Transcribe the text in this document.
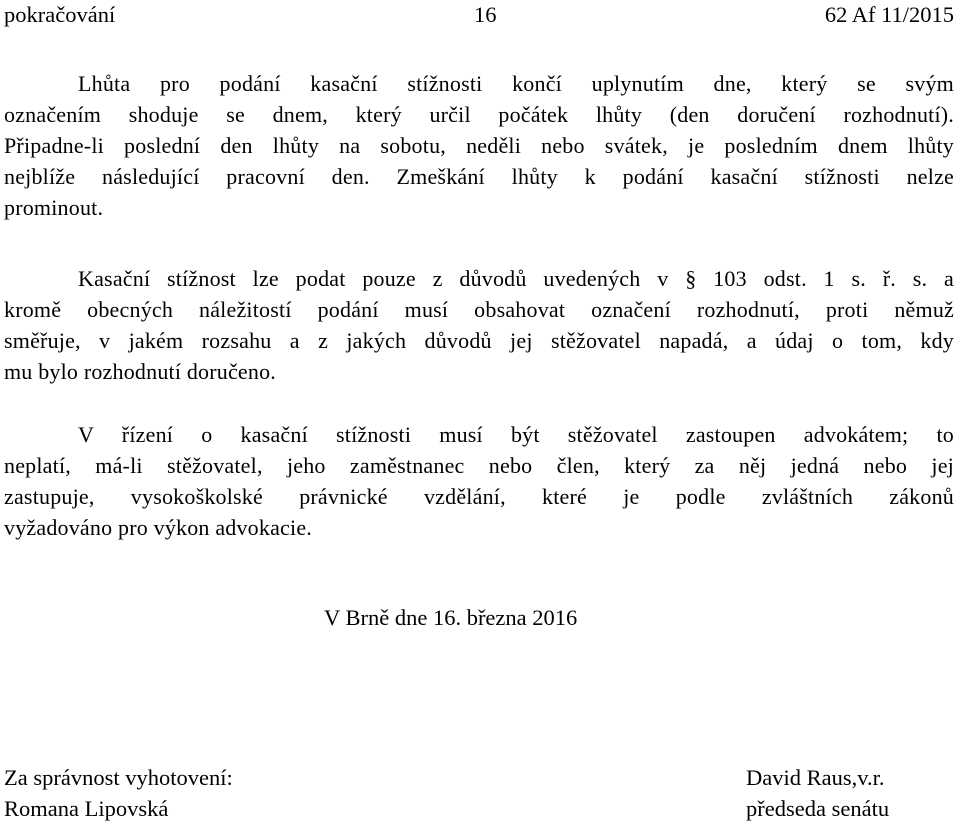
pokračování	16	62 Af 11/2015
Lhůta pro podání kasační stížnosti končí uplynutím dne, který se svým
označením shoduje se dnem, který určil počátek lhůty (den doručení rozhodnutí).
Připadne-li poslední den lhůty na sobotu, neděli nebo svátek, je posledním dnem lhůty
nejblíže následující pracovní den. Zmeškání lhůty k podání kasační stížnosti nelze
prominout.
Kasační stížnost lze podat pouze z důvodů uvedených v § 103 odst. 1 s. ř. s. a
kromě obecných náležitostí podání musí obsahovat označení rozhodnutí, proti němuž
směřuje, v jakém rozsahu a z jakých důvodů jej stěžovatel napadá, a údaj o tom, kdy
mu bylo rozhodnutí doručeno.
V řízení o kasační stížnosti musí být stěžovatel zastoupen advokátem; to
neplatí, má-li stěžovatel, jeho zaměstnanec nebo člen, který za něj jedná nebo jej
zastupuje, vysokoškolské právnické vzdělání, které je podle zvláštních zákonů
vyžadováno pro výkon advokacie.
V Brně dne 16. března 2016
Za správnost vyhotovení:
Romana Lipovská
David Raus,v.r.
předseda senátu
